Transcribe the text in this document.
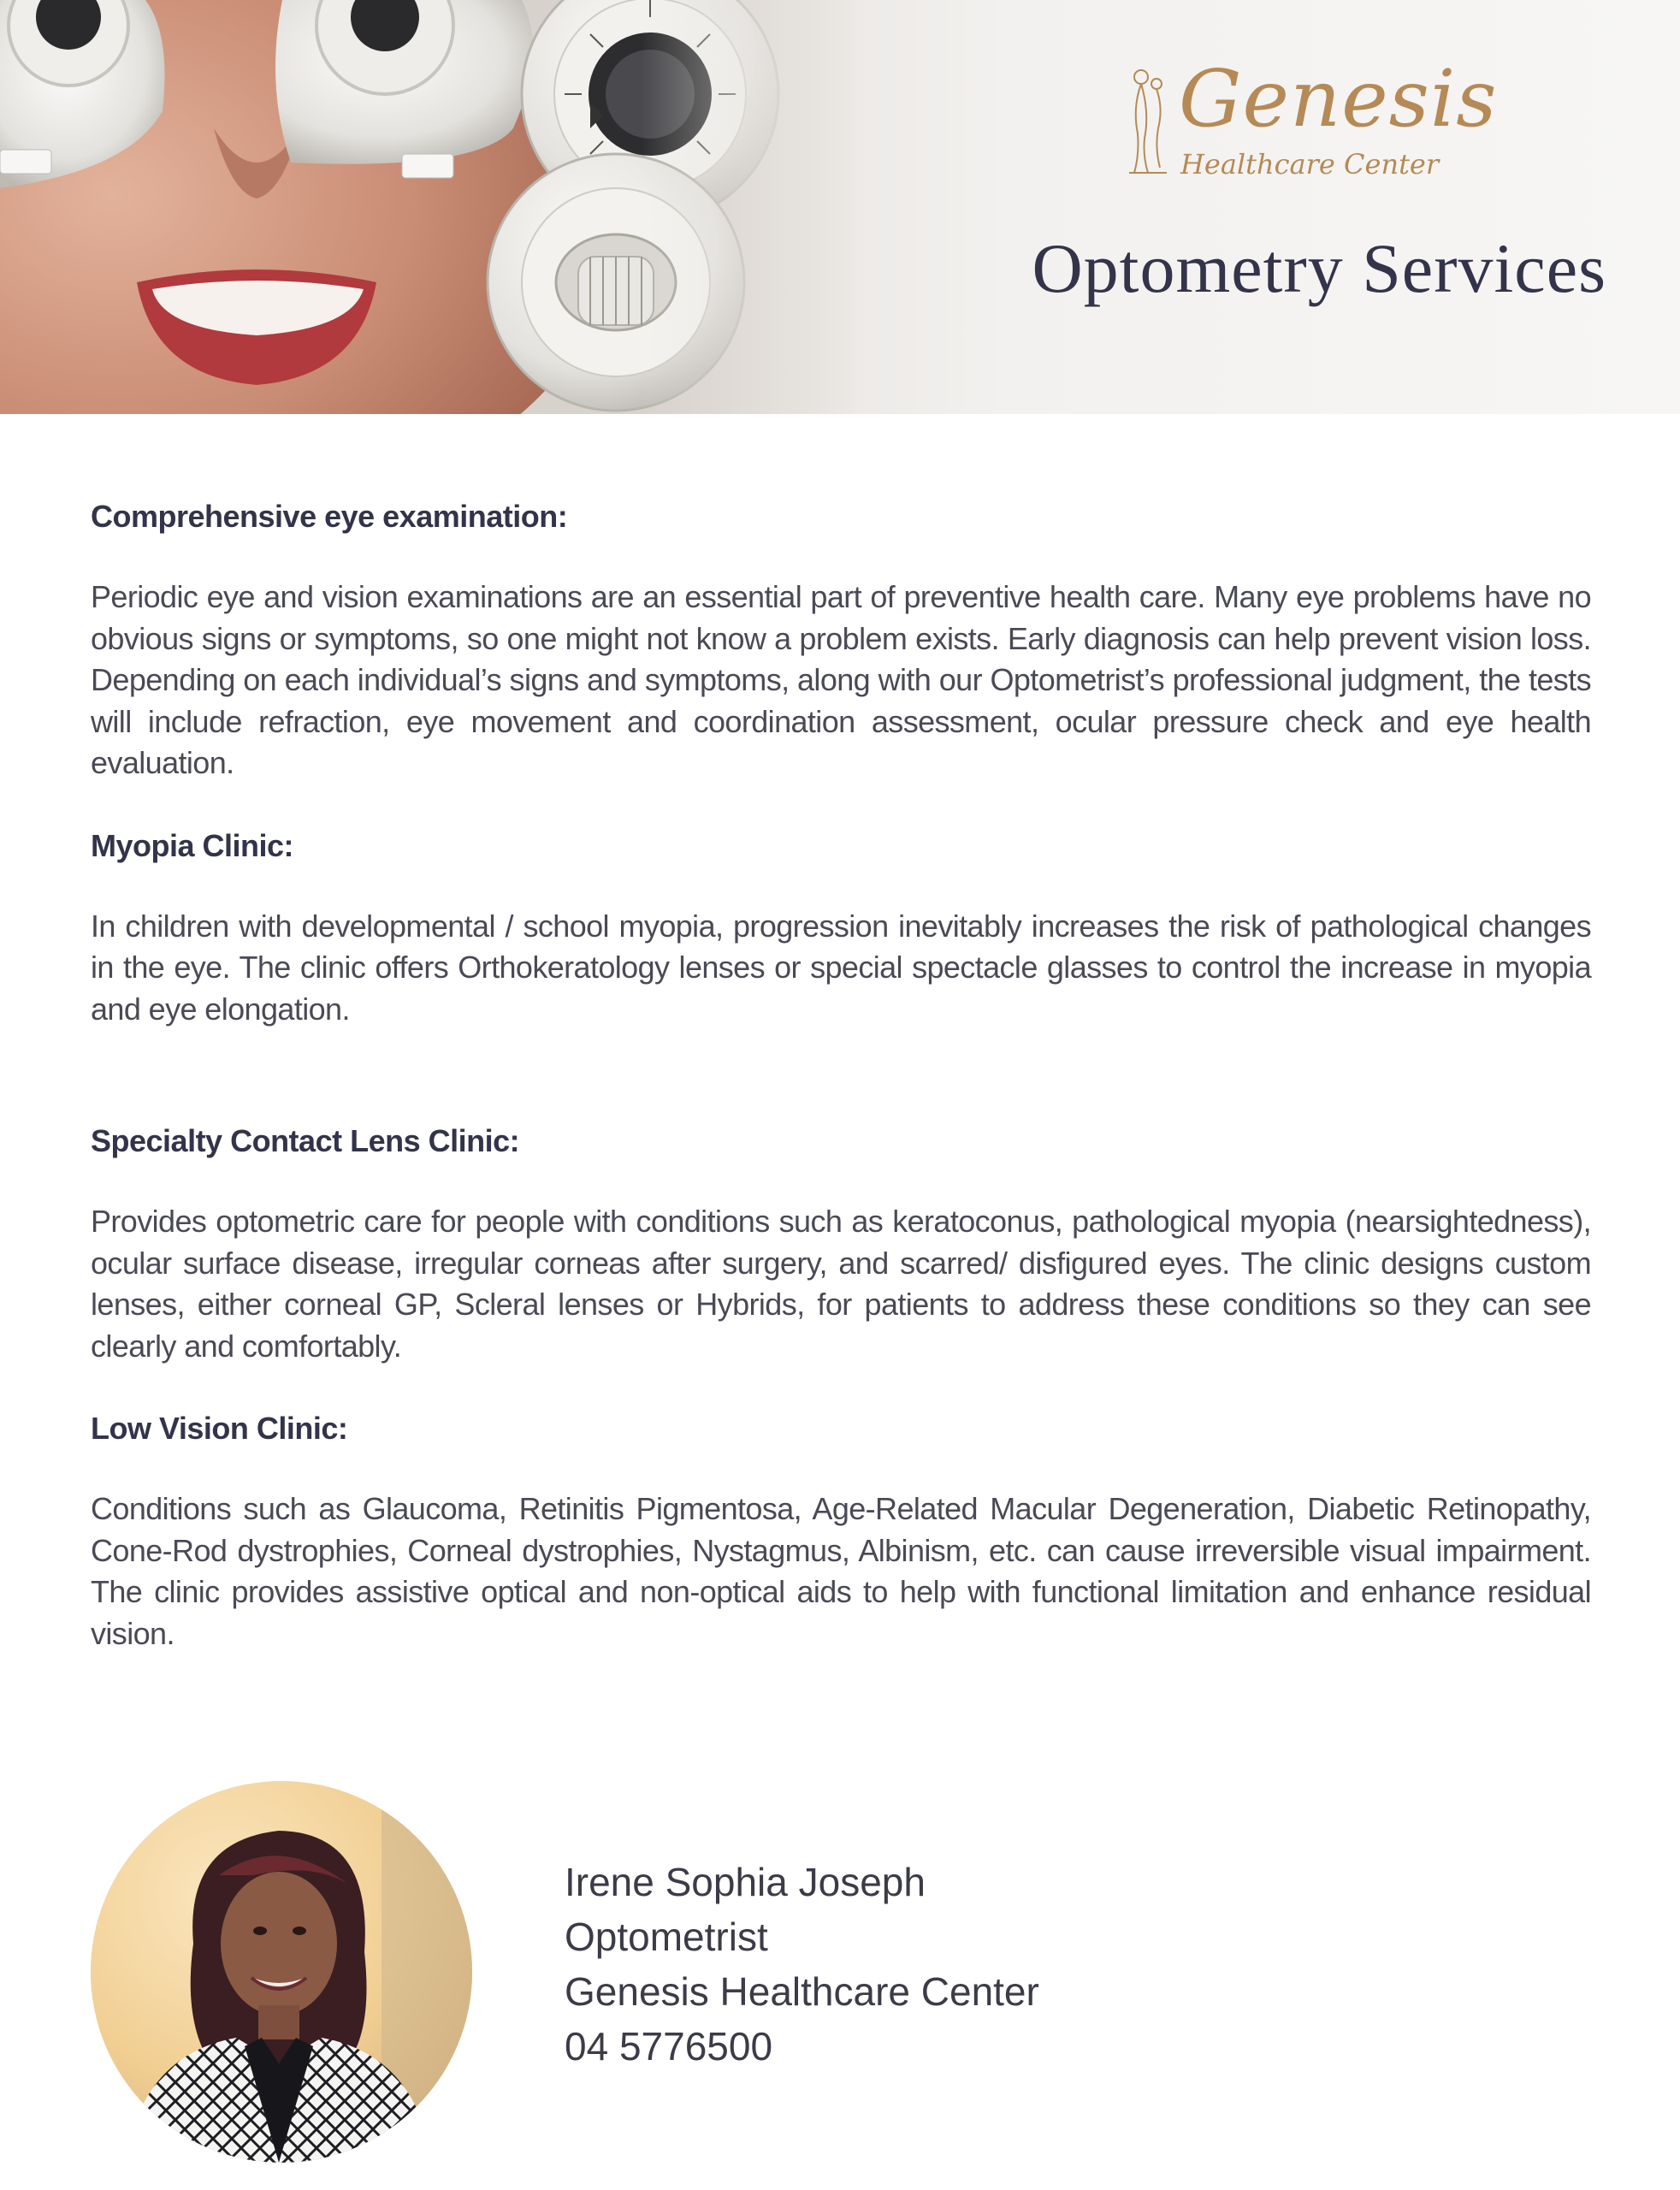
Genesis
Healthcare Center
Optometry Services
Comprehensive eye examination:

Periodic eye and vision examinations are an essential part of preventive health care. Many eye problems have no obvious signs or symptoms, so one might not know a problem exists. Early diagnosis can help prevent vision loss. Depending on each individual’s signs and symptoms, along with our Optometrist’s professional judgment, the tests will include refraction, eye movement and coordination assessment, ocular pressure check and eye health evaluation.

Myopia Clinic:

In children with developmental / school myopia, progression inevitably increases the risk of pathological changes in the eye. The clinic offers Orthokeratology lenses or special spectacle glasses to control the increase in myopia and eye elongation.

Specialty Contact Lens Clinic:

Provides optometric care for people with conditions such as keratoconus, pathological myopia (nearsightedness), ocular surface disease, irregular corneas after surgery, and scarred/ disfigured eyes. The clinic designs custom lenses, either corneal GP, Scleral lenses or Hybrids, for patients to address these conditions so they can see clearly and comfortably.

Low Vision Clinic:

Conditions such as Glaucoma, Retinitis Pigmentosa, Age-Related Macular Degeneration, Diabetic Retinopathy, Cone-Rod dystrophies, Corneal dystrophies, Nystagmus, Albinism, etc. can cause irreversible visual impairment. The clinic provides assistive optical and non-optical aids to help with functional limitation and enhance residual vision.

Irene Sophia Joseph
Optometrist
Genesis Healthcare Center
04 5776500
